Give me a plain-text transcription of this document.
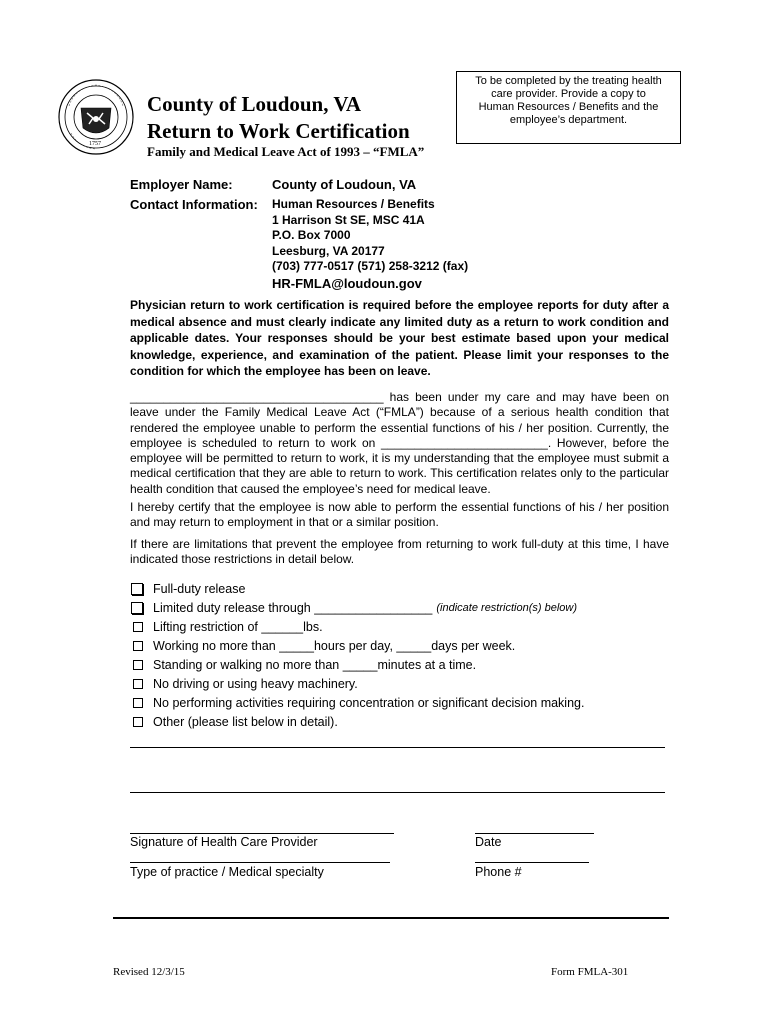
1757
County of Loudoun, VA
Return to Work Certification
Family and Medical Leave Act of 1993 – “FMLA”
To be completed by the treating health
care provider. Provide a copy to
Human Resources / Benefits and the
employee’s department.
Employer Name:	County of Loudoun, VA
Contact Information: Human Resources / Benefits
1 Harrison St SE, MSC 41A
P.O. Box 7000
Leesburg, VA 20177
(703) 777-0517 (571) 258-3212 (fax)
HR-FMLA@loudoun.gov
Physician return to work certification is required before the employee reports for duty after a medical absence and must clearly indicate any limited duty as a return to work condition and applicable dates. Your responses should be your best estimate based upon your medical knowledge, experience, and examination of the patient. Please limit your responses to the condition for which the employee has been on leave.

______________________________________ has been under my care and may have been on leave under the Family Medical Leave Act (“FMLA”) because of a serious health condition that rendered the employee unable to perform the essential functions of his / her position. Currently, the employee is scheduled to return to work on _________________________. However, before the employee will be permitted to return to work, it is my understanding that the employee must submit a medical certification that they are able to return to work. This certification relates only to the particular health condition that caused the employee’s need for medical leave.

I hereby certify that the employee is now able to perform the essential functions of his / her position and may return to employment in that or a similar position.
If there are limitations that prevent the employee from returning to work full-duty at this time, I have indicated those restrictions in detail below.
Full-duty release
Limited duty release through _________________ (indicate restriction(s) below)
Lifting restriction of ______lbs.
Working no more than _____hours per day, _____days per week.
Standing or walking no more than _____minutes at a time.
No driving or using heavy machinery.
No performing activities requiring concentration or significant decision making.
Other (please list below in detail).
Signature of Health Care Provider	Date
Type of practice / Medical specialty	Phone #
Revised 12/3/15	Form FMLA-301
